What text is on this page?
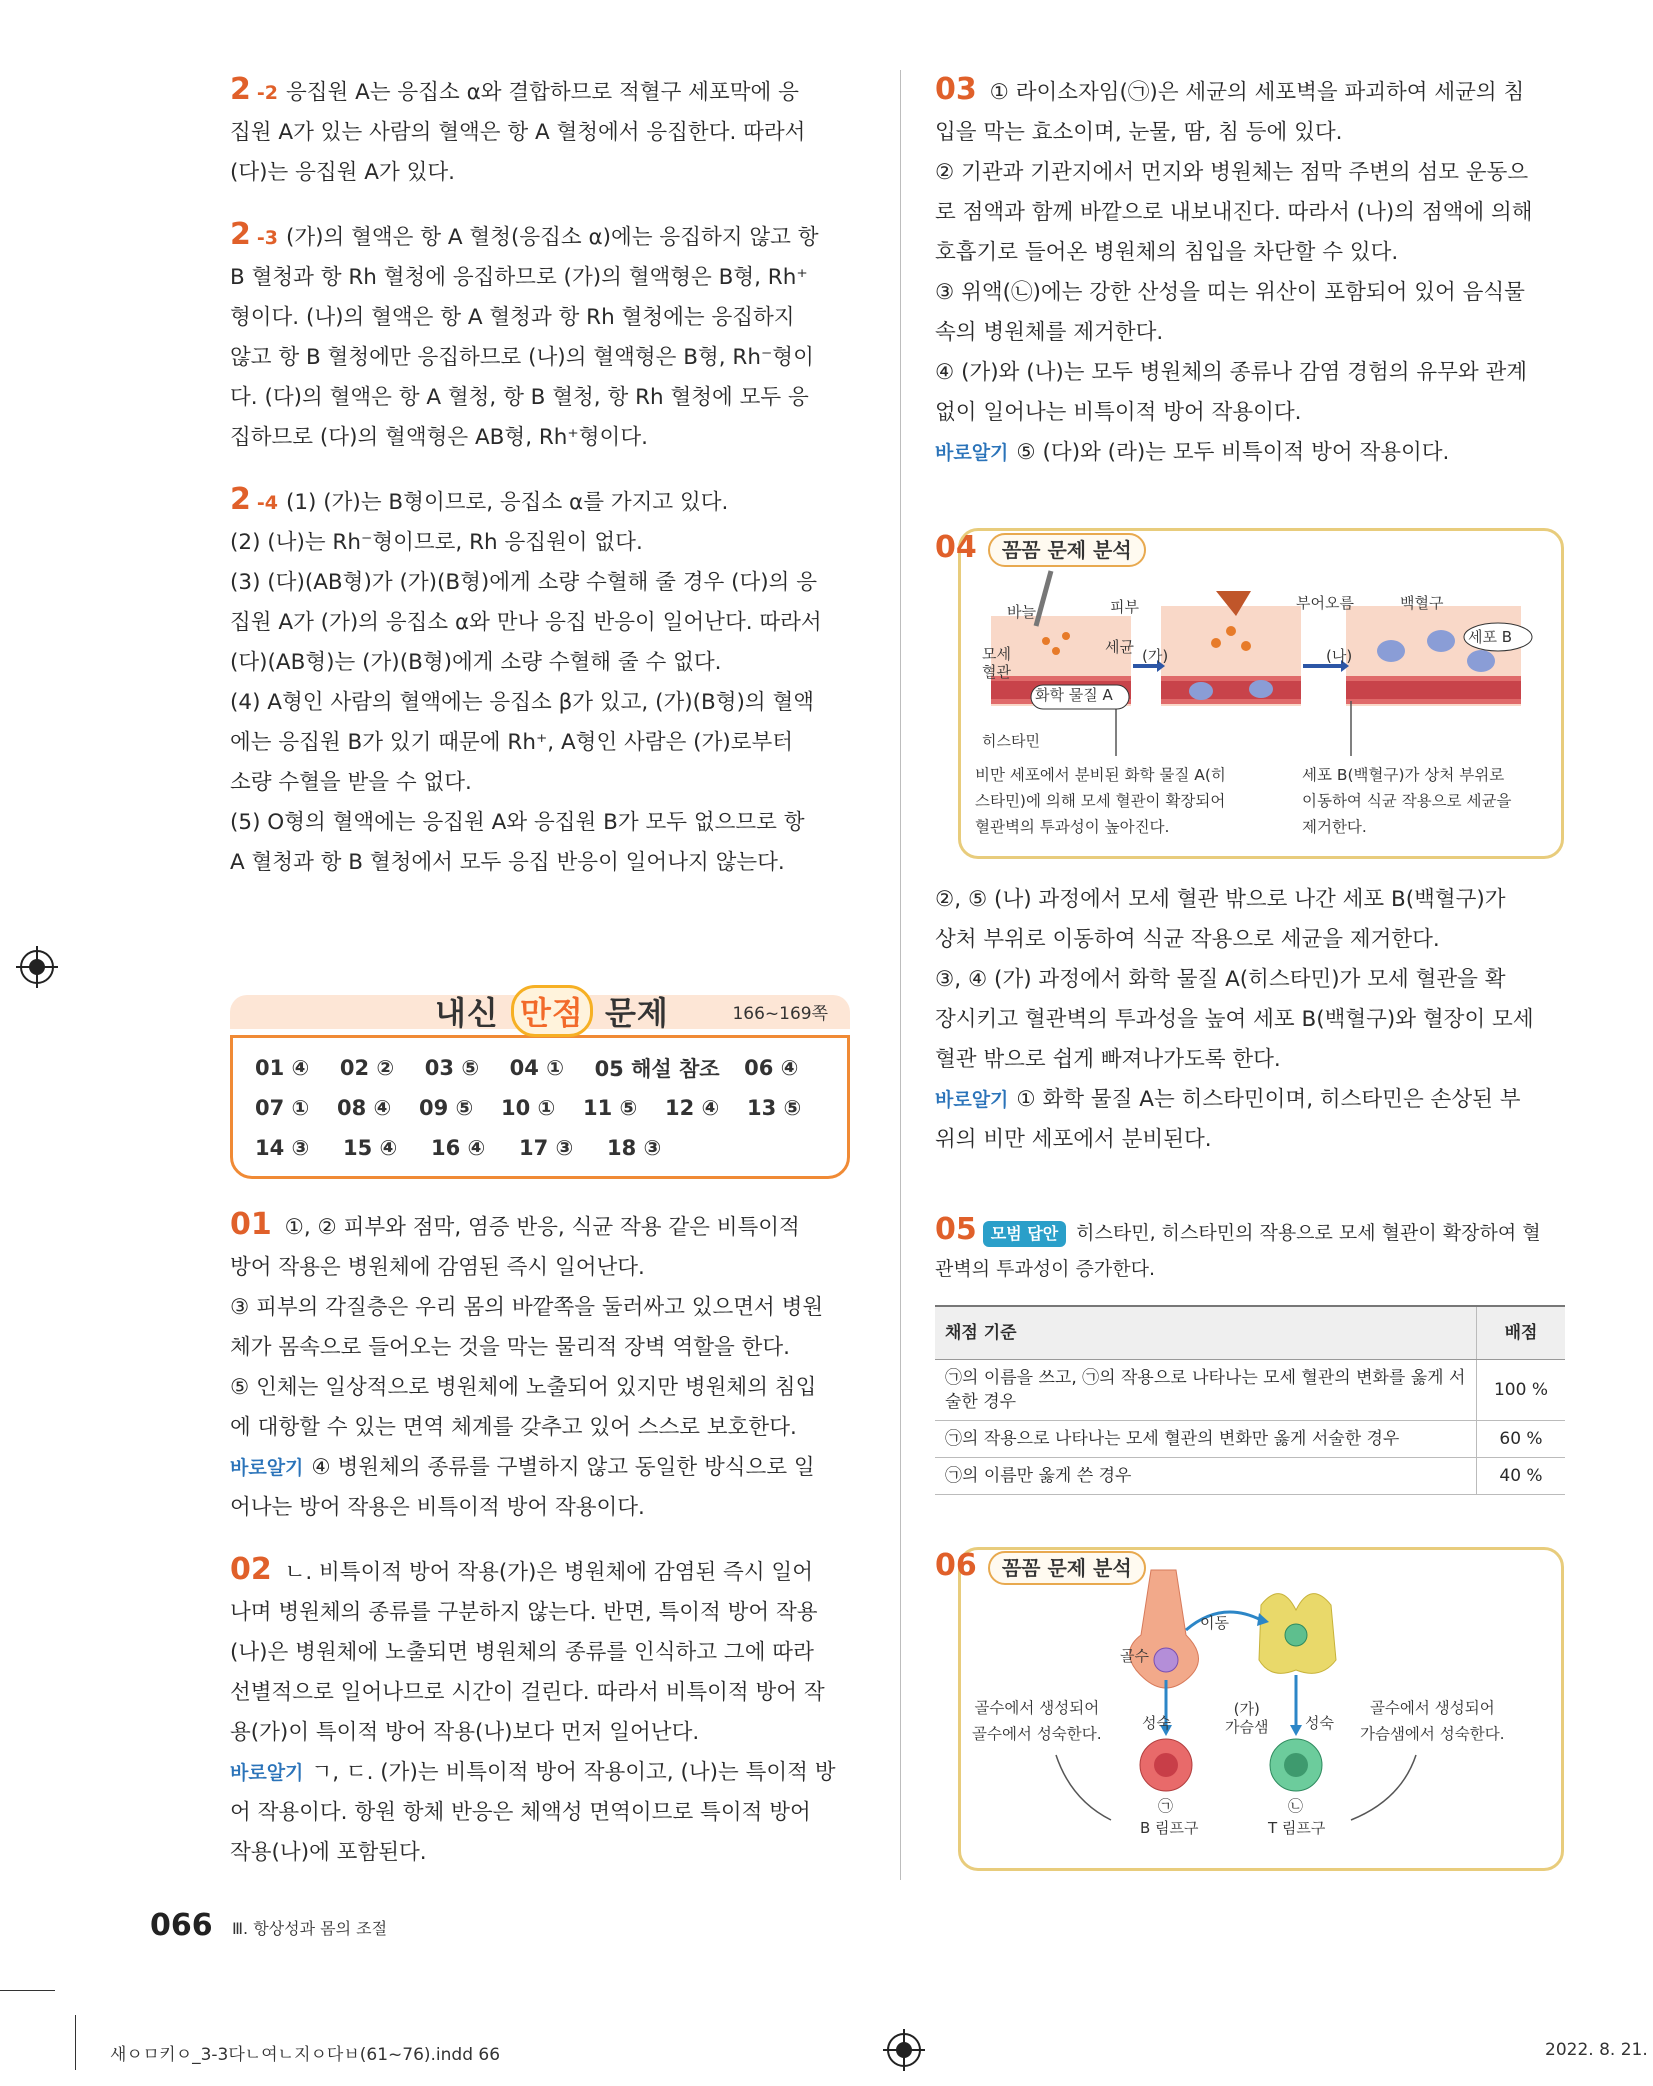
2 -2 응집원 A는 응집소 α와 결합하므로 적혈구 세포막에 응
집원 A가 있는 사람의 혈액은 항 A 혈청에서 응집한다. 따라서
(다)는 응집원 A가 있다.
2 -3 (가)의 혈액은 항 A 혈청(응집소 α)에는 응집하지 않고 항
B 혈청과 항 Rh 혈청에 응집하므로 (가)의 혈액형은 B형, Rh⁺
형이다. (나)의 혈액은 항 A 혈청과 항 Rh 혈청에는 응집하지
않고 항 B 혈청에만 응집하므로 (나)의 혈액형은 B형, Rh⁻형이
다. (다)의 혈액은 항 A 혈청, 항 B 혈청, 항 Rh 혈청에 모두 응
집하므로 (다)의 혈액형은 AB형, Rh⁺형이다.
2 -4 (1) (가)는 B형이므로, 응집소 α를 가지고 있다.
(2) (나)는 Rh⁻형이므로, Rh 응집원이 없다.
(3) (다)(AB형)가 (가)(B형)에게 소량 수혈해 줄 경우 (다)의 응
집원 A가 (가)의 응집소 α와 만나 응집 반응이 일어난다. 따라서
(다)(AB형)는 (가)(B형)에게 소량 수혈해 줄 수 없다.
(4) A형인 사람의 혈액에는 응집소 β가 있고, (가)(B형)의 혈액
에는 응집원 B가 있기 때문에 Rh⁺, A형인 사람은 (가)로부터
소량 수혈을 받을 수 없다.
(5) O형의 혈액에는 응집원 A와 응집원 B가 모두 없으므로 항
A 혈청과 항 B 혈청에서 모두 응집 반응이 일어나지 않는다.
내신 만점 문제	166~169쪽
01 ④	02 ②	03 ⑤	04 ①	05 해설 참조	06 ④
07 ①	08 ④	09 ⑤	10 ①	11 ⑤	12 ④	13 ⑤
14 ③	15 ④	16 ④	17 ③	18 ③
01 ①, ② 피부와 점막, 염증 반응, 식균 작용 같은 비특이적
방어 작용은 병원체에 감염된 즉시 일어난다.
③ 피부의 각질층은 우리 몸의 바깥쪽을 둘러싸고 있으면서 병원
체가 몸속으로 들어오는 것을 막는 물리적 장벽 역할을 한다.
⑤ 인체는 일상적으로 병원체에 노출되어 있지만 병원체의 침입
에 대항할 수 있는 면역 체계를 갖추고 있어 스스로 보호한다.
바로알기 ④ 병원체의 종류를 구별하지 않고 동일한 방식으로 일
어나는 방어 작용은 비특이적 방어 작용이다.
02 ㄴ. 비특이적 방어 작용(가)은 병원체에 감염된 즉시 일어
나며 병원체의 종류를 구분하지 않는다. 반면, 특이적 방어 작용
(나)은 병원체에 노출되면 병원체의 종류를 인식하고 그에 따라
선별적으로 일어나므로 시간이 걸린다. 따라서 비특이적 방어 작
용(가)이 특이적 방어 작용(나)보다 먼저 일어난다.
바로알기 ㄱ, ㄷ. (가)는 비특이적 방어 작용이고, (나)는 특이적 방
어 작용이다. 항원 항체 반응은 체액성 면역이므로 특이적 방어
작용(나)에 포함된다.
03 ① 라이소자임(㉠)은 세균의 세포벽을 파괴하여 세균의 침
입을 막는 효소이며, 눈물, 땀, 침 등에 있다.
② 기관과 기관지에서 먼지와 병원체는 점막 주변의 섬모 운동으
로 점액과 함께 바깥으로 내보내진다. 따라서 (나)의 점액에 의해
호흡기로 들어온 병원체의 침입을 차단할 수 있다.
③ 위액(㉡)에는 강한 산성을 띠는 위산이 포함되어 있어 음식물
속의 병원체를 제거한다.
④ (가)와 (나)는 모두 병원체의 종류나 감염 경험의 유무와 관계
없이 일어나는 비특이적 방어 작용이다.
바로알기 ⑤ (다)와 (라)는 모두 비특이적 방어 작용이다.
04 꼼꼼 문제 분석
바늘	피부
모세
혈관
세균
화학 물질 A
히스타민
(가)	(나)
부어오름	백혈구
세포 B
비만 세포에서 분비된 화학 물질 A(히
스타민)에 의해 모세 혈관이 확장되어
혈관벽의 투과성이 높아진다.
세포 B(백혈구)가 상처 부위로
이동하여 식균 작용으로 세균을
제거한다.
②, ⑤ (나) 과정에서 모세 혈관 밖으로 나간 세포 B(백혈구)가
상처 부위로 이동하여 식균 작용으로 세균을 제거한다.
③, ④ (가) 과정에서 화학 물질 A(히스타민)가 모세 혈관을 확
장시키고 혈관벽의 투과성을 높여 세포 B(백혈구)와 혈장이 모세
혈관 밖으로 쉽게 빠져나가도록 한다.
바로알기 ① 화학 물질 A는 히스타민이며, 히스타민은 손상된 부
위의 비만 세포에서 분비된다.
05 모범 답안 히스타민, 히스타민의 작용으로 모세 혈관이 확장하여 혈
관벽의 투과성이 증가한다.
채점 기준	배점
㉠의 이름을 쓰고, ㉠의 작용으로 나타나는 모세 혈관의 변화를 옳게 서술한 경우	100 %
㉠의 작용으로 나타나는 모세 혈관의 변화만 옳게 서술한 경우	60 %
㉠의 이름만 옳게 쓴 경우	40 %
06 꼼꼼 문제 분석
골수
이동
(가)
가슴샘
성숙	성숙
㉠	㉡
B 림프구	T 림프구
골수에서 생성되어
골수에서 성숙한다.
골수에서 생성되어
가슴샘에서 성숙한다.
066 Ⅲ. 항상성과 몸의 조절
새ㅇㅁ키ㅇ_3-3다ㄴ여ㄴ지ㅇ다ㅂ(61~76).indd 66	2022. 8. 21.
